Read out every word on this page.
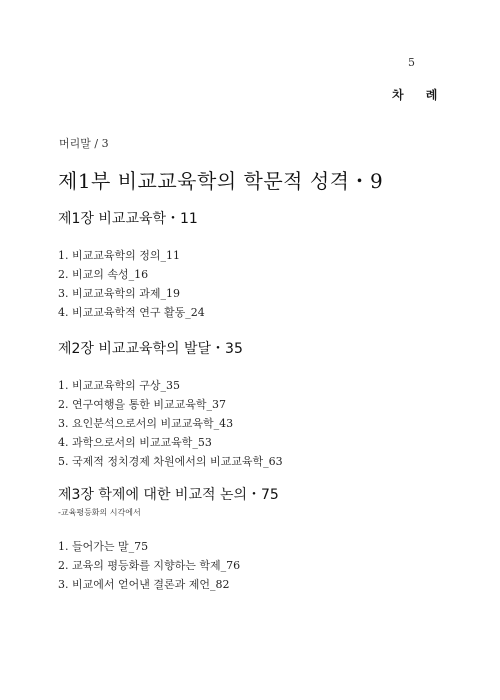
5
차 례
머리말 / 3
제1부 비교교육학의 학문적 성격・9
제1장 비교교육학・11
1. 비교교육학의 정의_11
2. 비교의 속성_16
3. 비교교육학의 과제_19
4. 비교교육학적 연구 활동_24
제2장 비교교육학의 발달・35
1. 비교교육학의 구상_35
2. 연구여행을 통한 비교교육학_37
3. 요인분석으로서의 비교교육학_43
4. 과학으로서의 비교교육학_53
5. 국제적 정치경제 차원에서의 비교교육학_63
제3장 학제에 대한 비교적 논의・75
-교육평등화의 시각에서
1. 들어가는 말_75
2. 교육의 평등화를 지향하는 학제_76
3. 비교에서 얻어낸 결론과 제언_82
